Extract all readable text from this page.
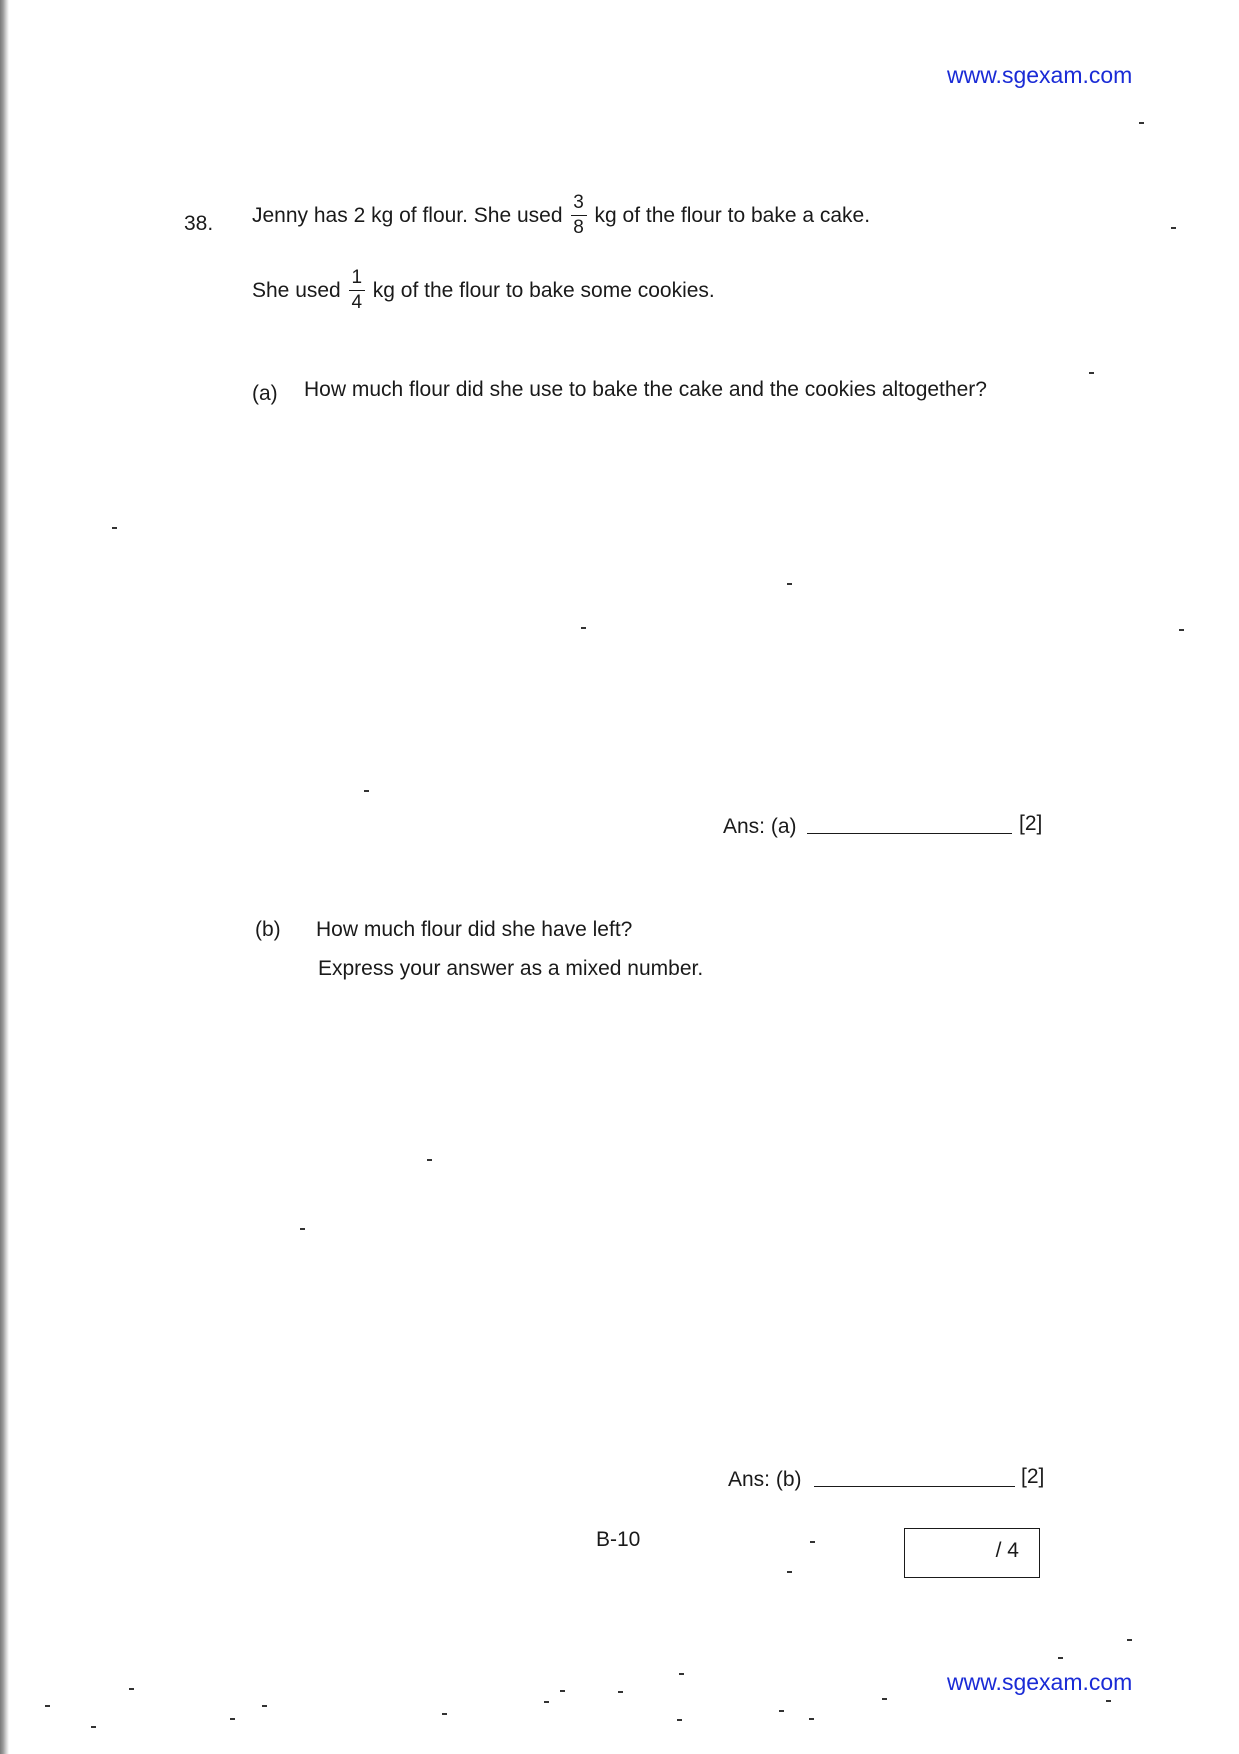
www.sgexam.com
38. Jenny has 2 kg of flour. She used $\frac{3}{8}$ kg of the flour to bake a cake.
She used $\frac{1}{4}$ kg of the flour to bake some cookies.
(a) How much flour did she use to bake the cake and the cookies altogether?
Ans: (a)	[2]
(b) How much flour did she have left?
Express your answer as a mixed number.
Ans: (b)	[2]
B-10	/ 4
www.sgexam.com
